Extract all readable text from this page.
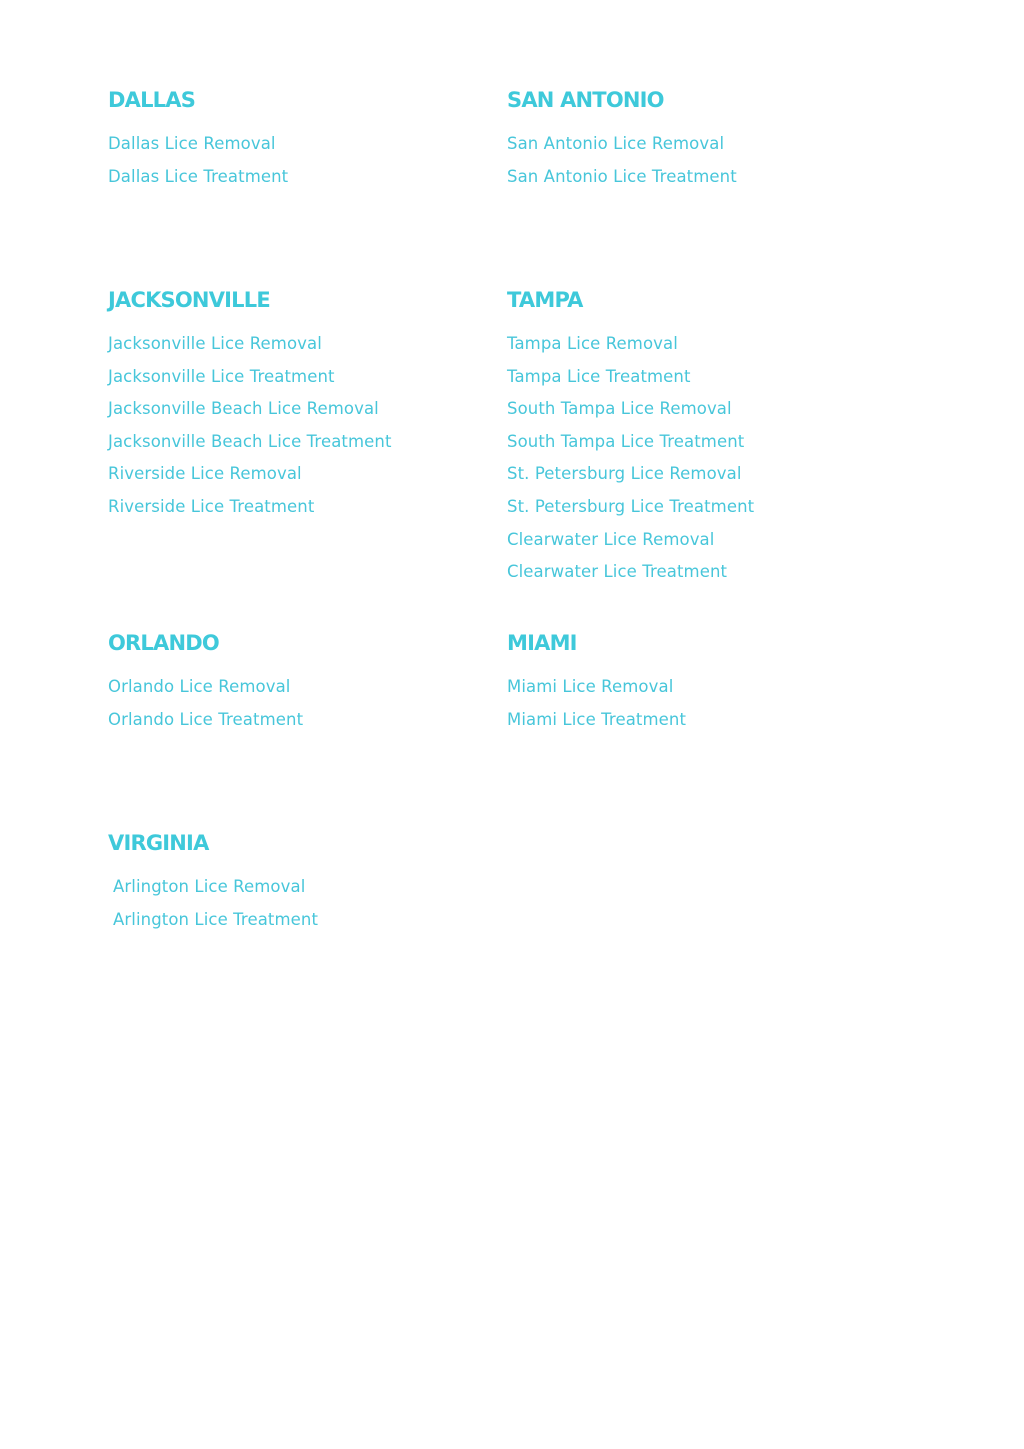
DALLAS
Dallas Lice Removal
Dallas Lice Treatment
SAN ANTONIO
San Antonio Lice Removal
San Antonio Lice Treatment
JACKSONVILLE
Jacksonville Lice Removal
Jacksonville Lice Treatment
Jacksonville Beach Lice Removal
Jacksonville Beach Lice Treatment
Riverside Lice Removal
Riverside Lice Treatment
TAMPA
Tampa Lice Removal
Tampa Lice Treatment
South Tampa Lice Removal
South Tampa Lice Treatment
St. Petersburg Lice Removal
St. Petersburg Lice Treatment
Clearwater Lice Removal
Clearwater Lice Treatment
ORLANDO
Orlando Lice Removal
Orlando Lice Treatment
MIAMI
Miami Lice Removal
Miami Lice Treatment
VIRGINIA
Arlington Lice Removal
Arlington Lice Treatment
